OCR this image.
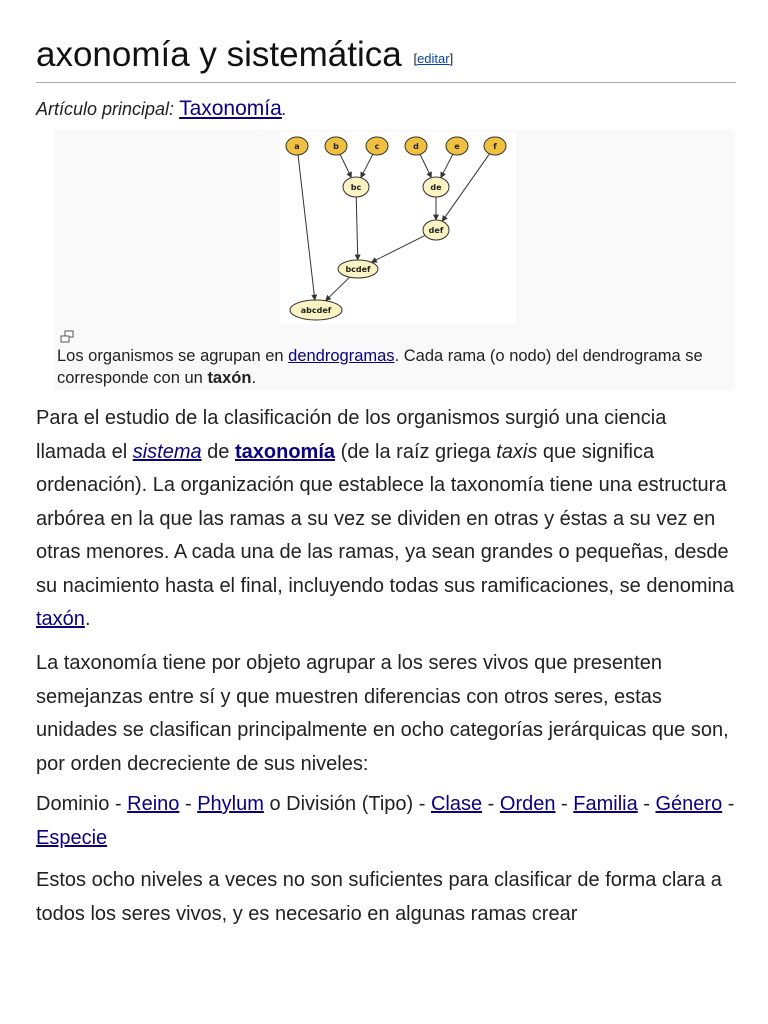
axonomía y sistemática [editar]
Artículo principal: Taxonomía.
a	b	c	d	e	f
bc	de
def
bcdef
abcdef
Los organismos se agrupan en dendrogramas. Cada rama (o nodo) del dendrograma se corresponde con un taxón.

Para el estudio de la clasificación de los organismos surgió una ciencia llamada el sistema de taxonomía (de la raíz griega taxis que significa ordenación). La organización que establece la taxonomía tiene una estructura arbórea en la que las ramas a su vez se dividen en otras y éstas a su vez en otras menores. A cada una de las ramas, ya sean grandes o pequeñas, desde su nacimiento hasta el final, incluyendo todas sus ramificaciones, se denomina taxón.

La taxonomía tiene por objeto agrupar a los seres vivos que presenten semejanzas entre sí y que muestren diferencias con otros seres, estas unidades se clasifican principalmente en ocho categorías jerárquicas que son, por orden decreciente de sus niveles:

Dominio - Reino - Phylum o División (Tipo) - Clase - Orden - Familia - Género - Especie

Estos ocho niveles a veces no son suficientes para clasificar de forma clara a todos los seres vivos, y es necesario en algunas ramas crear
